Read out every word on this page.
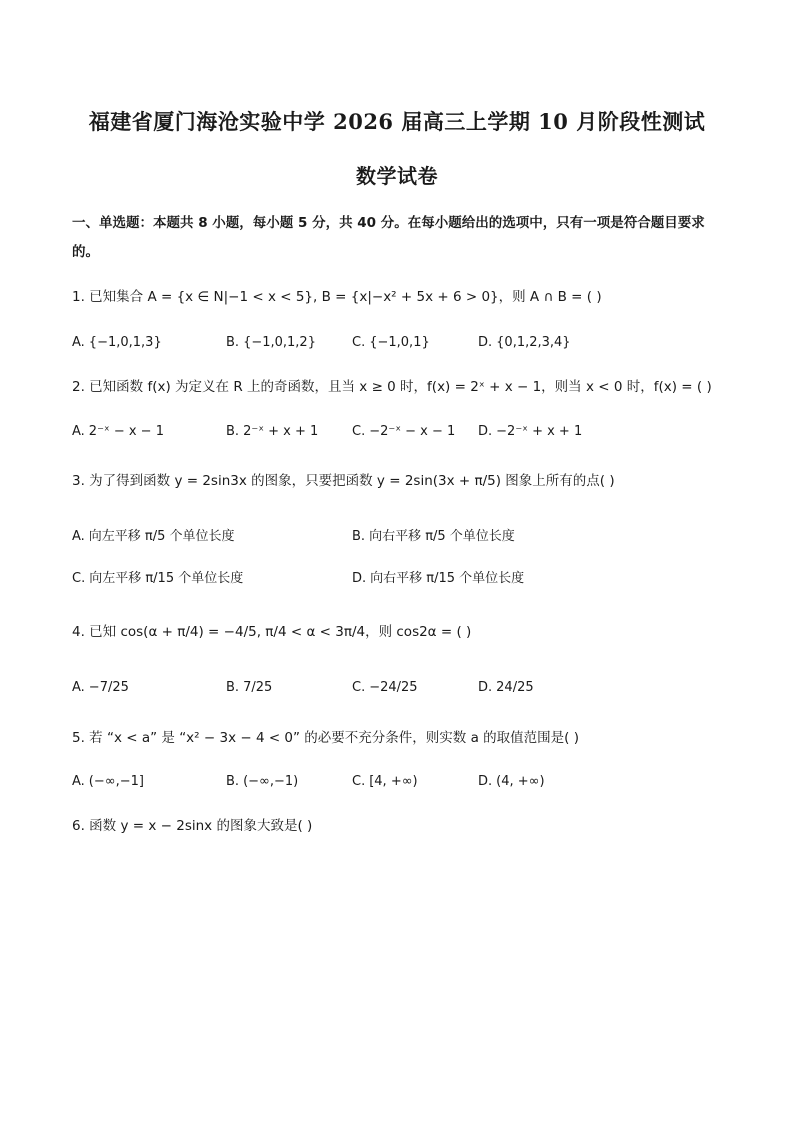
福建省厦门海沧实验中学 2026 届高三上学期 10 月阶段性测试
数学试卷
一、单选题：本题共 8 小题，每小题 5 分，共 40 分。在每小题给出的选项中，只有一项是符合题目要求
的。
1. 已知集合 A = {x ∈ N|−1 < x < 5}, B = {x|−x² + 5x + 6 > 0}，则 A ∩ B = ( )
A. {−1,0,1,3}	B. {−1,0,1,2}	C. {−1,0,1}	D. {0,1,2,3,4}
2. 已知函数 f(x) 为定义在 R 上的奇函数，且当 x ≥ 0 时，f(x) = 2ˣ + x − 1，则当 x < 0 时，f(x) = ( )
A. 2⁻ˣ − x − 1	B. 2⁻ˣ + x + 1	C. −2⁻ˣ − x − 1 D. −2⁻ˣ + x + 1
3. 为了得到函数 y = 2sin3x 的图象，只要把函数 y = 2sin(3x + π/5) 图象上所有的点( )
A. 向左平移 π/5 个单位长度	B. 向右平移 π/5 个单位长度
C. 向左平移 π/15 个单位长度	D. 向右平移 π/15 个单位长度
4. 已知 cos(α + π/4) = −4/5, π/4 < α < 3π/4，则 cos2α = ( )
A. −7/25	B. 7/25	C. −24/25	D. 24/25
5. 若 “x < a” 是 “x² − 3x − 4 < 0” 的必要不充分条件，则实数 a 的取值范围是( )
A. (−∞,−1]	B. (−∞,−1)	C. [4, +∞)	D. (4, +∞)
6. 函数 y = x − 2sinx 的图象大致是( )
